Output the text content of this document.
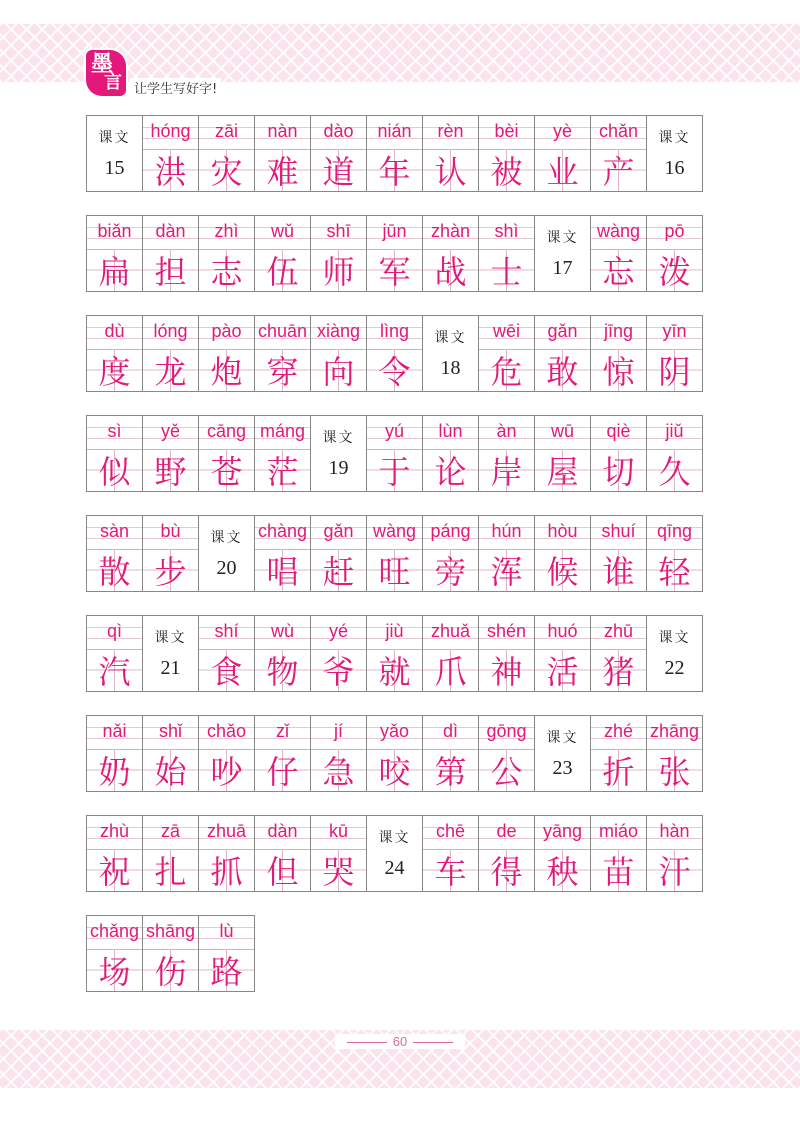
墨
言 让学生写好字!
课文
15
hóng
洪
zāi
灾
nàn
难
dào
道
nián
年
rèn
认
bèi
被
yè
业
chǎn
产
课文
16
biǎn
扁
dàn
担
zhì
志
wǔ
伍
shī
师
jūn
军
zhàn
战
shì
士
课文
17
wàng
忘
pō
泼
dù
度
lóng
龙
pào
炮
chuān
穿
xiàng
向
lìng
令
课文
18
wēi
危
gǎn
敢
jīng
惊
yīn
阴
sì
似
yě
野
cāng
苍
máng
茫
课文
19
yú
于
lùn
论
àn
岸
wū
屋
qiè
切
jiǔ
久
sàn
散
bù
步
课文
20
chàng
唱
gǎn
赶
wàng
旺
páng
旁
hún
浑
hòu
候
shuí
谁
qīng
轻
qì
汽
课文
21
shí
食
wù
物
yé
爷
jiù
就
zhuǎ
爪
shén
神
huó
活
zhū
猪
课文
22
nǎi
奶
shǐ
始
chǎo
吵
zǐ
仔
jí
急
yǎo
咬
dì
第
gōng
公
课文
23
zhé
折
zhāng
张
zhù
祝
zā
扎
zhuā
抓
dàn
但
kū
哭
课文
24
chē
车
de
得
yāng
秧
miáo
苗
hàn
汗
chǎng
场
shāng
伤
lù
路
60
